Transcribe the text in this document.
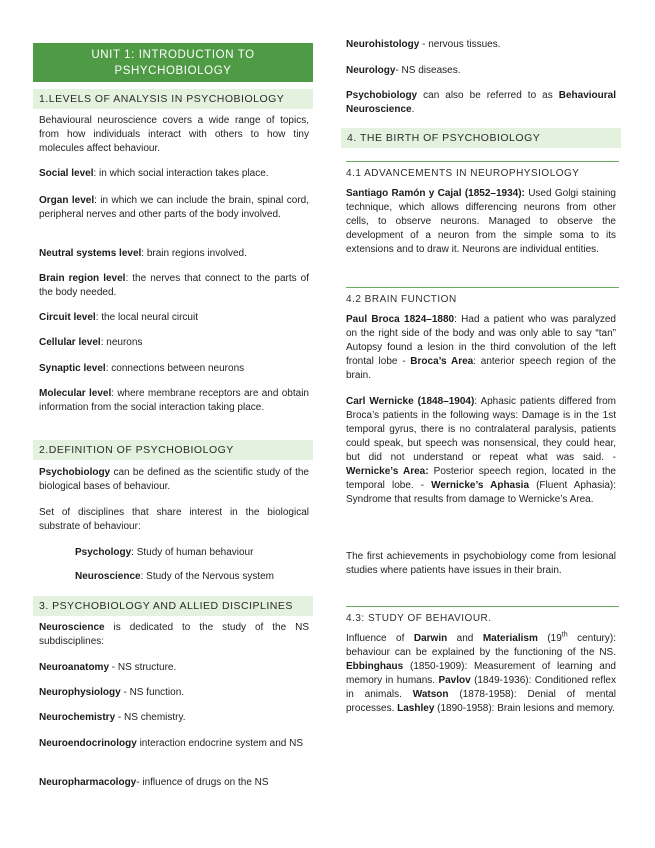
UNIT 1: INTRODUCTION TO
PSHYCHOBIOLOGY
1.LEVELS OF ANALYSIS IN PSYCHOBIOLOGY

Behavioural neuroscience covers a wide range of topics, from how individuals interact with others to how tiny molecules affect behaviour.

Social level: in which social interaction takes place.

Organ level: in which we can include the brain, spinal cord, peripheral nerves and other parts of the body involved.

Neutral systems level: brain regions involved.

Brain region level: the nerves that connect to the parts of the body needed.

Circuit level: the local neural circuit

Cellular level: neurons

Synaptic level: connections between neurons

Molecular level: where membrane receptors are and obtain information from the social interaction taking place.

2.DEFINITION OF PSYCHOBIOLOGY

Psychobiology can be defined as the scientific study of the biological bases of behaviour.

Set of disciplines that share interest in the biological substrate of behaviour:

Psychology: Study of human behaviour

Neuroscience: Study of the Nervous system

3. PSYCHOBIOLOGY AND ALLIED DISCIPLINES

Neuroscience is dedicated to the study of the NS subdisciplines:

Neuroanatomy - NS structure.

Neurophysiology - NS function.

Neurochemistry - NS chemistry.

Neuroendocrinology interaction endocrine system and NS

Neuropharmacology- influence of drugs on the NS

Neurohistology - nervous tissues.

Neurology- NS diseases.

Psychobiology can also be referred to as Behavioural Neuroscience.

4. THE BIRTH OF PSYCHOBIOLOGY
4.1 ADVANCEMENTS IN NEUROPHYSIOLOGY

Santiago Ramón y Cajal (1852–1934): Used Golgi staining technique, which allows differencing neurons from other cells, to observe neurons. Managed to observe the development of a neuron from the simple soma to its extensions and to draw it. Neurons are individual entities.

4.2 BRAIN FUNCTION

Paul Broca 1824–1880: Had a patient who was paralyzed on the right side of the body and was only able to say “tan” Autopsy found a lesion in the third convolution of the left frontal lobe - Broca’s Area: anterior speech region of the brain.

Carl Wernicke (1848–1904): Aphasic patients differed from Broca’s patients in the following ways: Damage is in the 1st temporal gyrus, there is no contralateral paralysis, patients could speak, but speech was nonsensical, they could hear, but did not understand or repeat what was said. - Wernicke’s Area: Posterior speech region, located in the temporal lobe. - Wernicke’s Aphasia (Fluent Aphasia): Syndrome that results from damage to Wernicke’s Area.

The first achievements in psychobiology come from lesional studies where patients have issues in their brain.

4.3: STUDY OF BEHAVIOUR.

Influence of Darwin and Materialism (19th century): behaviour can be explained by the functioning of the NS. Ebbinghaus (1850-1909): Measurement of learning and memory in humans. Pavlov (1849-1936): Conditioned reflex in animals. Watson (1878-1958): Denial of mental processes. Lashley (1890-1958): Brain lesions and memory.
